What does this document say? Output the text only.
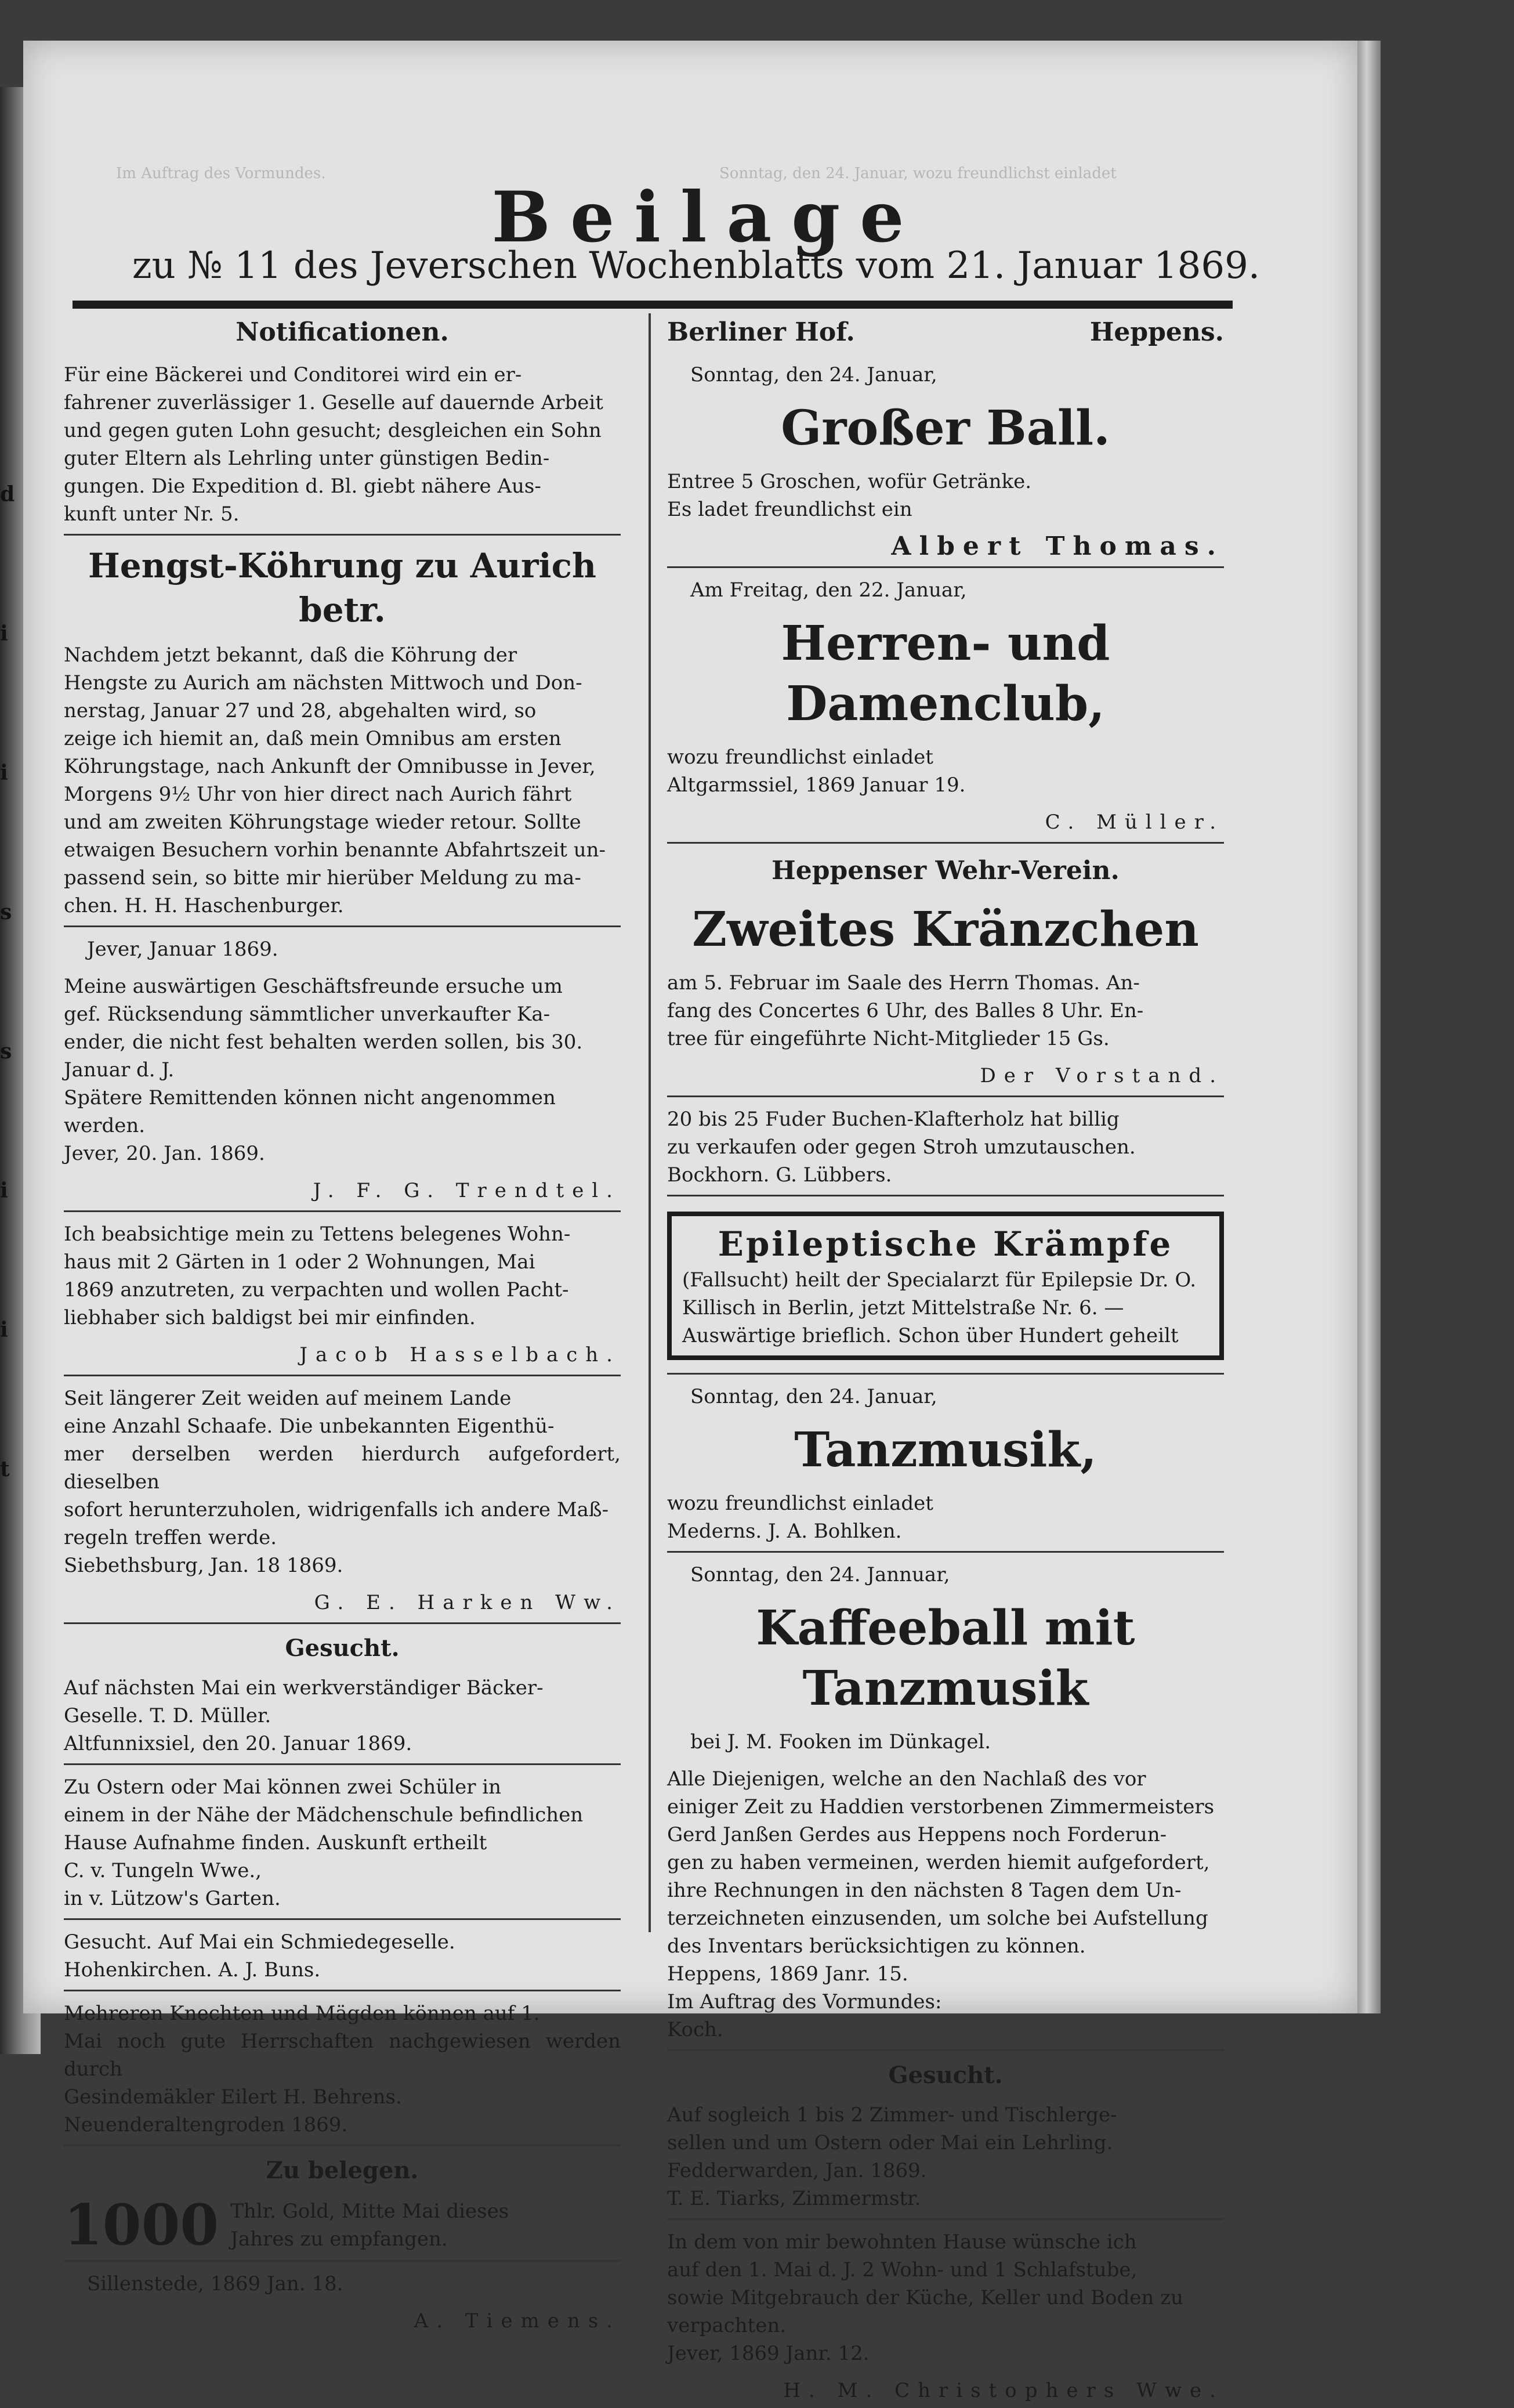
d
i
i
s
s
i
i
t
Sonntag, den 24. Januar, wozu freundlichst einladet
Im Auftrag des Vormundes.
Beilage
zu № 11 des Jeverschen Wochenblatts vom 21. Januar 1869.
Notificationen.
Für eine Bäckerei und Conditorei wird ein er-
fahrener zuverlässiger 1. Geselle auf dauernde Arbeit
und gegen guten Lohn gesucht; desgleichen ein Sohn
guter Eltern als Lehrling unter günstigen Bedin-
gungen. Die Expedition d. Bl. giebt nähere Aus-
kunft unter Nr. 5.
Hengst-Köhrung zu Aurich betr.
Nachdem jetzt bekannt, daß die Köhrung der
Hengste zu Aurich am nächsten Mittwoch und Don-
nerstag, Januar 27 und 28, abgehalten wird, so
zeige ich hiemit an, daß mein Omnibus am ersten
Köhrungstage, nach Ankunft der Omnibusse in Jever,
Morgens 9½ Uhr von hier direct nach Aurich fährt
und am zweiten Köhrungstage wieder retour. Sollte
etwaigen Besuchern vorhin benannte Abfahrtszeit un-
passend sein, so bitte mir hierüber Meldung zu ma-
chen. H. H. Haschenburger.
Jever, Januar 1869.
Meine auswärtigen Geschäftsfreunde ersuche um
gef. Rücksendung sämmtlicher unverkaufter Ka-
ender, die nicht fest behalten werden sollen, bis 30.
Januar d. J.
Spätere Remittenden können nicht angenommen
werden.
Jever, 20. Jan. 1869.
J. F. G. Trendtel.
Ich beabsichtige mein zu Tettens belegenes Wohn-
haus mit 2 Gärten in 1 oder 2 Wohnungen, Mai
1869 anzutreten, zu verpachten und wollen Pacht-
liebhaber sich baldigst bei mir einfinden.
Jacob Hasselbach.
Seit längerer Zeit weiden auf meinem Lande
eine Anzahl Schaafe. Die unbekannten Eigenthü-
mer derselben werden hierdurch aufgefordert, dieselben
sofort herunterzuholen, widrigenfalls ich andere Maß-
regeln treffen werde.
Siebethsburg, Jan. 18 1869.
G. E. Harken Ww.
Gesucht.
Auf nächsten Mai ein werkverständiger Bäcker-
Geselle. T. D. Müller.
Altfunnixsiel, den 20. Januar 1869.
Zu Ostern oder Mai können zwei Schüler in
einem in der Nähe der Mädchenschule befindlichen
Hause Aufnahme finden. Auskunft ertheilt
C. v. Tungeln Wwe.,
in v. Lützow's Garten.
Gesucht. Auf Mai ein Schmiedegeselle.
Hohenkirchen. A. J. Buns.
Mehreren Knechten und Mägden können auf 1.
Mai noch gute Herrschaften nachgewiesen werden durch
Gesindemäkler Eilert H. Behrens.
Neuenderaltengroden 1869.
Zu belegen.
1000 Thlr. Gold, Mitte Mai dieses
Jahres zu empfangen.
Sillenstede, 1869 Jan. 18.
A. Tiemens.
Berliner Hof.	Heppens.
Sonntag, den 24. Januar,
Großer Ball.
Entree 5 Groschen, wofür Getränke.
Es ladet freundlichst ein
Albert Thomas.
Am Freitag, den 22. Januar,
Herren- und Damenclub,
wozu freundlichst einladet
Altgarmssiel, 1869 Januar 19.
C. Müller.
Heppenser Wehr-Verein.
Zweites Kränzchen
am 5. Februar im Saale des Herrn Thomas. An-
fang des Concertes 6 Uhr, des Balles 8 Uhr. En-
tree für eingeführte Nicht-Mitglieder 15 Gs.
Der Vorstand.
20 bis 25 Fuder Buchen-Klafterholz hat billig
zu verkaufen oder gegen Stroh umzutauschen.
Bockhorn. G. Lübbers.
Epileptische Krämpfe
(Fallsucht) heilt der Specialarzt für Epilepsie Dr. O.
Killisch in Berlin, jetzt Mittelstraße Nr. 6. —
Auswärtige brieflich. Schon über Hundert geheilt
Sonntag, den 24. Januar,
Tanzmusik,
wozu freundlichst einladet
Mederns. J. A. Bohlken.
Sonntag, den 24. Jannuar,
Kaffeeball mit Tanzmusik
bei J. M. Fooken im Dünkagel.
Alle Diejenigen, welche an den Nachlaß des vor
einiger Zeit zu Haddien verstorbenen Zimmermeisters
Gerd Janßen Gerdes aus Heppens noch Forderun-
gen zu haben vermeinen, werden hiemit aufgefordert,
ihre Rechnungen in den nächsten 8 Tagen dem Un-
terzeichneten einzusenden, um solche bei Aufstellung
des Inventars berücksichtigen zu können.
Heppens, 1869 Janr. 15.
Im Auftrag des Vormundes:
Koch.
Gesucht.
Auf sogleich 1 bis 2 Zimmer- und Tischlerge-
sellen und um Ostern oder Mai ein Lehrling.
Fedderwarden, Jan. 1869.
T. E. Tiarks, Zimmermstr.
In dem von mir bewohnten Hause wünsche ich
auf den 1. Mai d. J. 2 Wohn- und 1 Schlafstube,
sowie Mitgebrauch der Küche, Keller und Boden zu
verpachten.
Jever, 1869 Janr. 12.
H. M. Christophers Wwe.
